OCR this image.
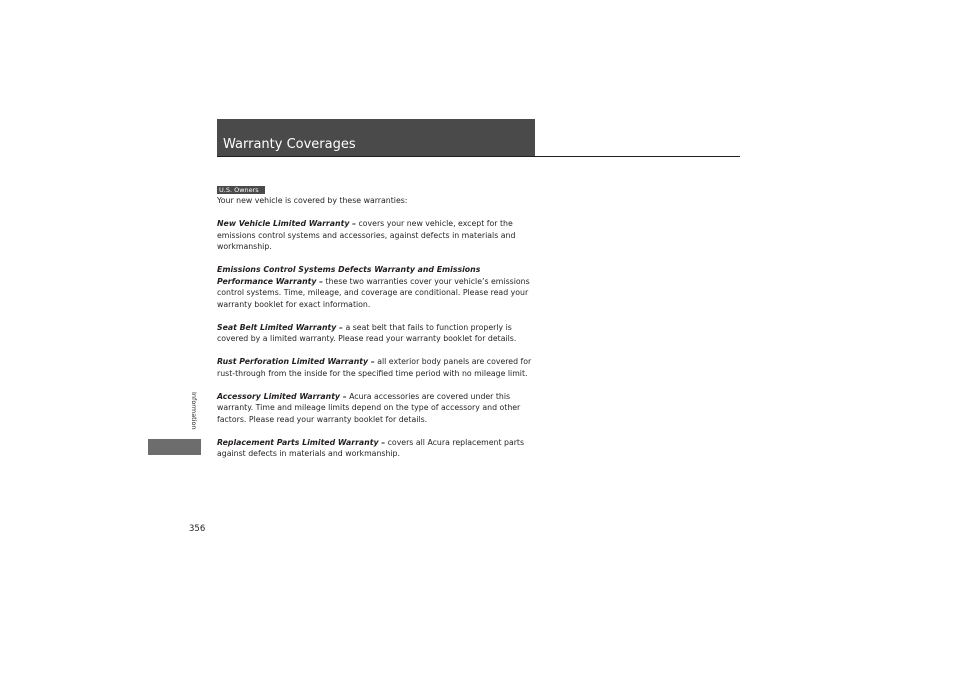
Warranty Coverages
U.S. Owners

Your new vehicle is covered by these warranties:

New Vehicle Limited Warranty – covers your new vehicle, except for the emissions control systems and accessories, against defects in materials and workmanship.

Emissions Control Systems Defects Warranty and Emissions Performance Warranty – these two warranties cover your vehicle’s emissions control systems. Time, mileage, and coverage are conditional. Please read your warranty booklet for exact information.

Seat Belt Limited Warranty – a seat belt that fails to function properly is covered by a limited warranty. Please read your warranty booklet for details.

Rust Perforation Limited Warranty – all exterior body panels are covered for rust-through from the inside for the specified time period with no mileage limit.

Accessory Limited Warranty – Acura accessories are covered under this warranty. Time and mileage limits depend on the type of accessory and other factors. Please read your warranty booklet for details.

Replacement Parts Limited Warranty – covers all Acura replacement parts against defects in materials and workmanship.

Information
356
